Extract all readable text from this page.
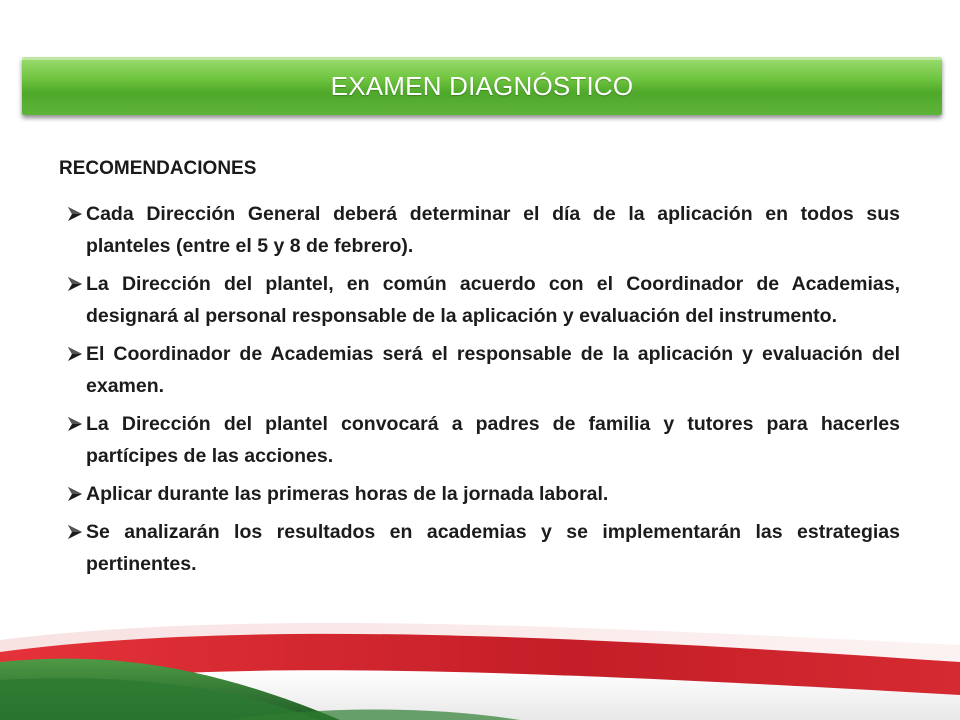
EXAMEN DIAGNÓSTICO
RECOMENDACIONES
Cada Dirección General deberá determinar el día de la aplicación en todos sus planteles (entre el 5 y 8 de febrero).
La Dirección del plantel, en común acuerdo con el Coordinador de Academias, designará al personal responsable de la aplicación y evaluación del instrumento.
El Coordinador de Academias será el responsable de la aplicación y evaluación del examen.
La Dirección del plantel convocará a padres de familia y tutores para hacerles partícipes de las acciones.
Aplicar durante las primeras horas de la jornada laboral.
Se analizarán los resultados en academias y se implementarán las estrategias pertinentes.
